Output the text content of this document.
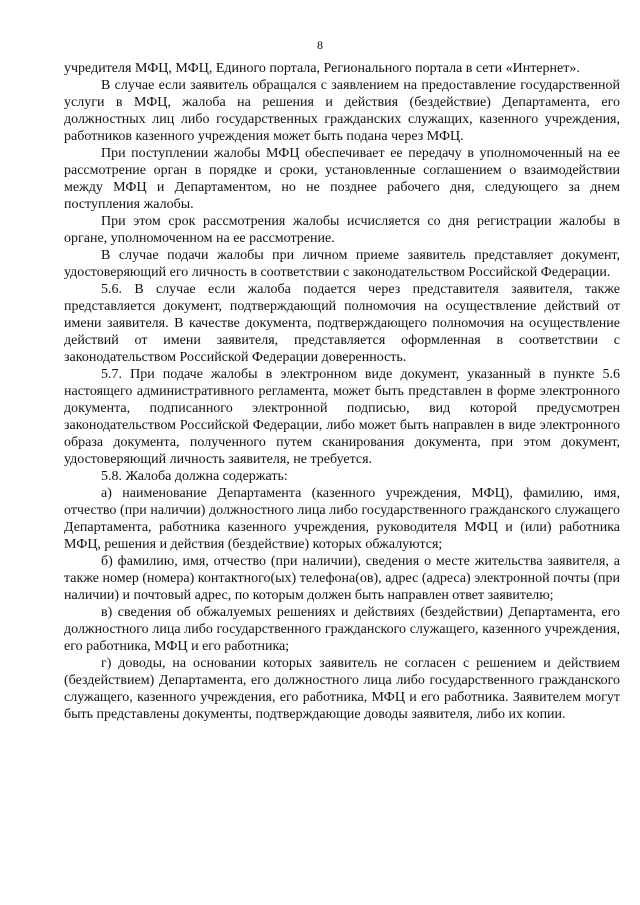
8

учредителя МФЦ, МФЦ, Единого портала, Регионального портала в сети «Интернет».

В случае если заявитель обращался с заявлением на предоставление государственной услуги в МФЦ, жалоба на решения и действия (бездействие) Департамента, его должностных лиц либо государственных гражданских служащих, казенного учреждения, работников казенного учреждения может быть подана через МФЦ.

При поступлении жалобы МФЦ обеспечивает ее передачу в уполномоченный на ее рассмотрение орган в порядке и сроки, установленные соглашением о взаимодействии между МФЦ и Департаментом, но не позднее рабочего дня, следующего за днем поступления жалобы.

При этом срок рассмотрения жалобы исчисляется со дня регистрации жалобы в органе, уполномоченном на ее рассмотрение.

В случае подачи жалобы при личном приеме заявитель представляет документ, удостоверяющий его личность в соответствии с законодательством Российской Федерации.

5.6. В случае если жалоба подается через представителя заявителя, также представляется документ, подтверждающий полномочия на осуществление действий от имени заявителя. В качестве документа, подтверждающего полномочия на осуществление действий от имени заявителя, представляется оформленная в соответствии с законодательством Российской Федерации доверенность.

5.7. При подаче жалобы в электронном виде документ, указанный в пункте 5.6 настоящего административного регламента, может быть представлен в форме электронного документа, подписанного электронной подписью, вид которой предусмотрен законодательством Российской Федерации, либо может быть направлен в виде электронного образа документа, полученного путем сканирования документа, при этом документ, удостоверяющий личность заявителя, не требуется.

5.8. Жалоба должна содержать:

а) наименование Департамента (казенного учреждения, МФЦ), фамилию, имя, отчество (при наличии) должностного лица либо государственного гражданского служащего Департамента, работника казенного учреждения, руководителя МФЦ и (или) работника МФЦ, решения и действия (бездействие) которых обжалуются;

б) фамилию, имя, отчество (при наличии), сведения о месте жительства заявителя, а также номер (номера) контактного(ых) телефона(ов), адрес (адреса) электронной почты (при наличии) и почтовый адрес, по которым должен быть направлен ответ заявителю;

в) сведения об обжалуемых решениях и действиях (бездействии) Департамента, его должностного лица либо государственного гражданского служащего, казенного учреждения, его работника, МФЦ и его работника;

г) доводы, на основании которых заявитель не согласен с решением и действием (бездействием) Департамента, его должностного лица либо государственного гражданского служащего, казенного учреждения, его работника, МФЦ и его работника. Заявителем могут быть представлены документы, подтверждающие доводы заявителя, либо их копии.
